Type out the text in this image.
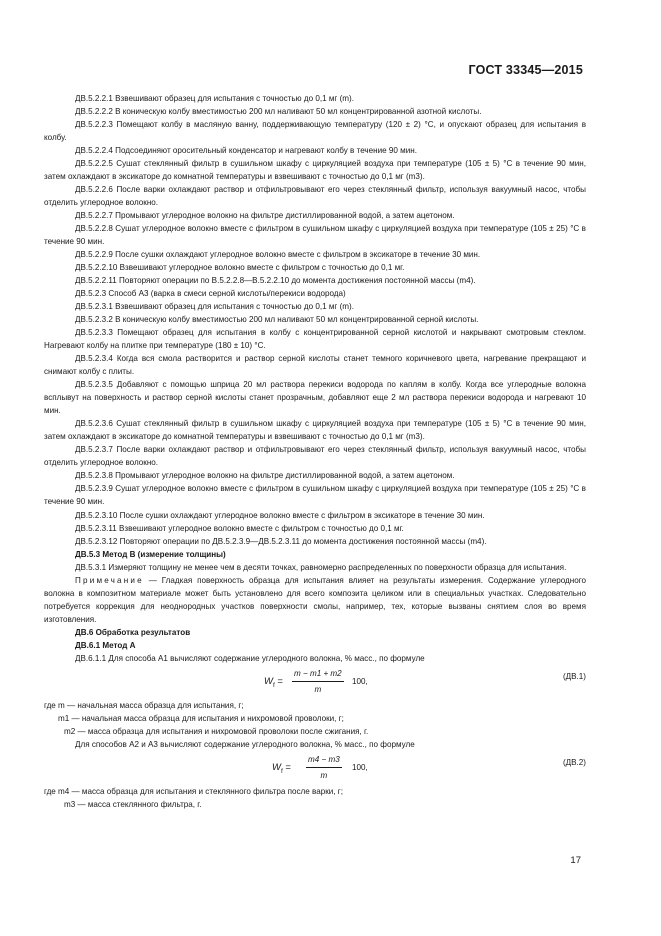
ГОСТ 33345—2015

ДВ.5.2.2.1 Взвешивают образец для испытания с точностью до 0,1 мг (m).

ДВ.5.2.2.2 В коническую колбу вместимостью 200 мл наливают 50 мл концентрированной азотной кислоты.

ДВ.5.2.2.3 Помещают колбу в масляную ванну, поддерживающую температуру (120 ± 2) °C, и опускают образец для испытания в колбу.

ДВ.5.2.2.4 Подсоединяют оросительный конденсатор и нагревают колбу в течение 90 мин.

ДВ.5.2.2.5 Сушат стеклянный фильтр в сушильном шкафу с циркуляцией воздуха при температуре (105 ± 5) °C в течение 90 мин, затем охлаждают в эксикаторе до комнатной температуры и взвешивают с точностью до 0,1 мг (m3).

ДВ.5.2.2.6 После варки охлаждают раствор и отфильтровывают его через стеклянный фильтр, используя вакуумный насос, чтобы отделить углеродное волокно.

ДВ.5.2.2.7 Промывают углеродное волокно на фильтре дистиллированной водой, а затем ацетоном.

ДВ.5.2.2.8 Сушат углеродное волокно вместе с фильтром в сушильном шкафу с циркуляцией воздуха при температуре (105 ± 25) °C в течение 90 мин.

ДВ.5.2.2.9 После сушки охлаждают углеродное волокно вместе с фильтром в эксикаторе в течение 30 мин.

ДВ.5.2.2.10 Взвешивают углеродное волокно вместе с фильтром с точностью до 0,1 мг.

ДВ.5.2.2.11 Повторяют операции по В.5.2.2.8—В.5.2.2.10 до момента достижения постоянной массы (m4).

ДВ.5.2.3 Способ А3 (варка в смеси серной кислоты/перекиси водорода)

ДВ.5.2.3.1 Взвешивают образец для испытания с точностью до 0,1 мг (m).

ДВ.5.2.3.2 В коническую колбу вместимостью 200 мл наливают 50 мл концентрированной серной кислоты.

ДВ.5.2.3.3 Помещают образец для испытания в колбу с концентрированной серной кислотой и накрывают смотровым стеклом. Нагревают колбу на плитке при температуре (180 ± 10) °C.

ДВ.5.2.3.4 Когда вся смола растворится и раствор серной кислоты станет темного коричневого цвета, нагревание прекращают и снимают колбу с плиты.

ДВ.5.2.3.5 Добавляют с помощью шприца 20 мл раствора перекиси водорода по каплям в колбу. Когда все углеродные волокна всплывут на поверхность и раствор серной кислоты станет прозрачным, добавляют еще 2 мл раствора перекиси водорода и нагревают 10 мин.

ДВ.5.2.3.6 Сушат стеклянный фильтр в сушильном шкафу с циркуляцией воздуха при температуре (105 ± 5) °C в течение 90 мин, затем охлаждают в эксикаторе до комнатной температуры и взвешивают с точностью до 0,1 мг (m3).

ДВ.5.2.3.7 После варки охлаждают раствор и отфильтровывают его через стеклянный фильтр, используя вакуумный насос, чтобы отделить углеродное волокно.

ДВ.5.2.3.8 Промывают углеродное волокно на фильтре дистиллированной водой, а затем ацетоном.

ДВ.5.2.3.9 Сушат углеродное волокно вместе с фильтром в сушильном шкафу с циркуляцией воздуха при температуре (105 ± 25) °C в течение 90 мин.

ДВ.5.2.3.10 После сушки охлаждают углеродное волокно вместе с фильтром в эксикаторе в течение 30 мин.

ДВ.5.2.3.11 Взвешивают углеродное волокно вместе с фильтром с точностью до 0,1 мг.

ДВ.5.2.3.12 Повторяют операции по ДВ.5.2.3.9—ДВ.5.2.3.11 до момента достижения постоянной массы (m4).

ДВ.5.3 Метод В (измерение толщины)

ДВ.5.3.1 Измеряют толщину не менее чем в десяти точках, равномерно распределенных по поверхности образца для испытания.

Примечание — Гладкая поверхность образца для испытания влияет на результаты измерения. Содержание углеродного волокна в композитном материале может быть установлено для всего композита целиком или в специальных участках. Следовательно потребуется коррекция для неоднородных участков поверхности смолы, например, тех, которые вызваны снятием слоя во время изготовления.

ДВ.6 Обработка результатов

ДВ.6.1 Метод А

ДВ.6.1.1 Для способа А1 вычисляют содержание углеродного волокна, % масс., по формуле

$W_f = \frac{m - m1 + m2}{m} 100$,
(ДВ.1)

где m — начальная масса образца для испытания, г;

m1 — начальная масса образца для испытания и нихромовой проволоки, г;

m2 — масса образца для испытания и нихромовой проволоки после сжигания, г.

Для способов А2 и А3 вычисляют содержание углеродного волокна, % масс., по формуле

$W_f = \frac{m4 - m3}{m} 100$,
(ДВ.2)

где m4 — масса образца для испытания и стеклянного фильтра после варки, г;

m3 — масса стеклянного фильтра, г.

17
